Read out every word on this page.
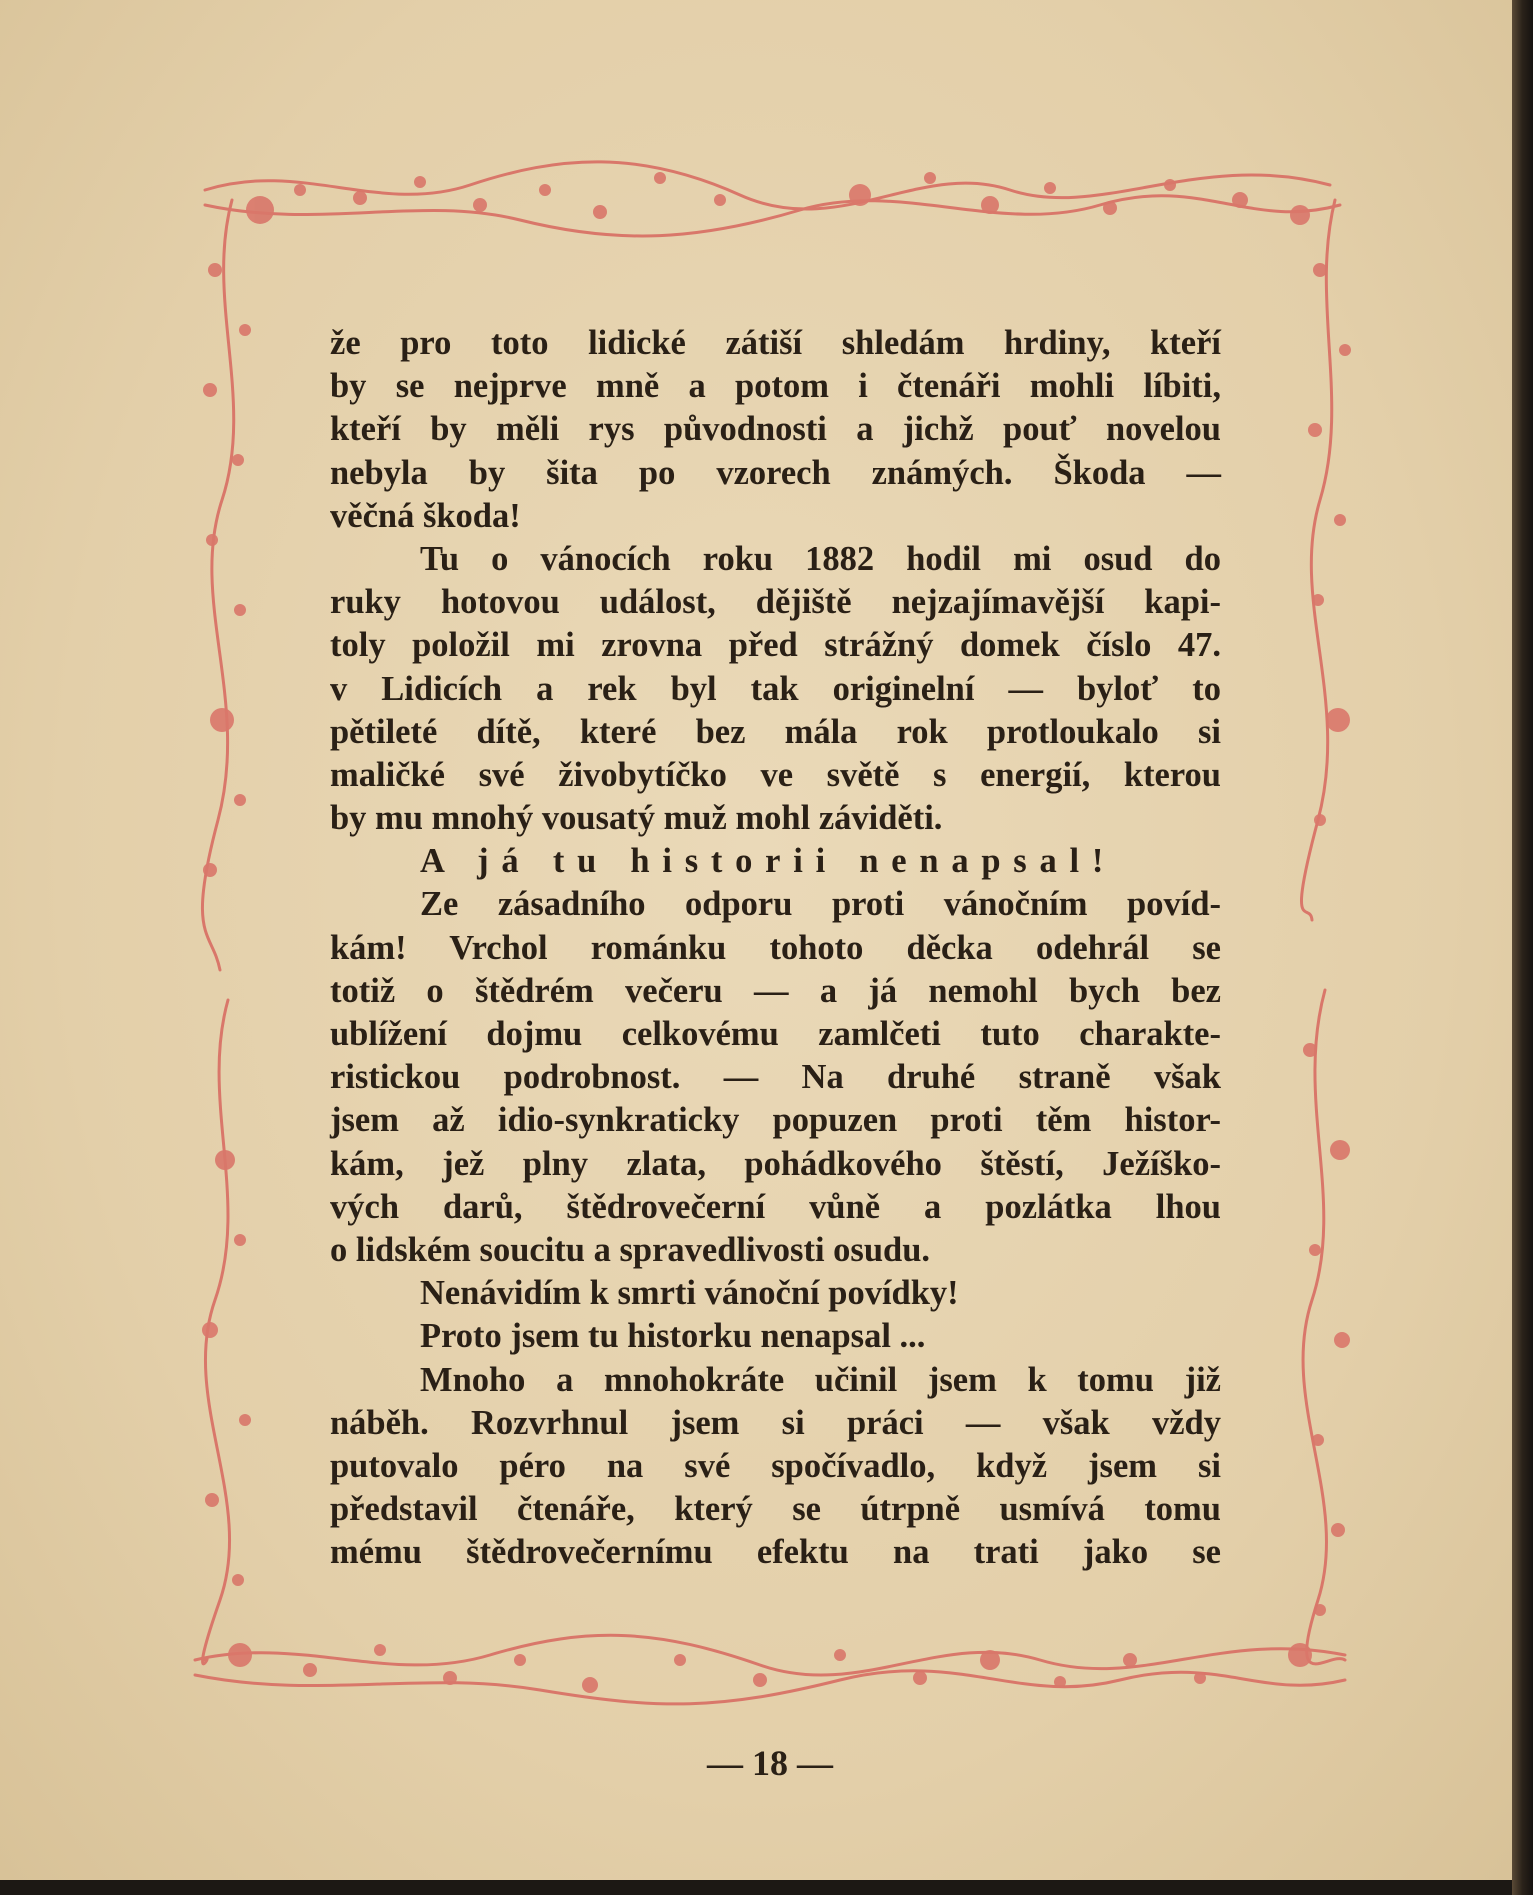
že pro toto lidické zátiší shledám hrdiny, kteří
by se nejprve mně a potom i čtenáři mohli líbiti,
kteří by měli rys původnosti a jichž pouť novelou
nebyla by šita po vzorech známých. Škoda —
věčná škoda!
Tu o vánocích roku 1882 hodil mi osud do
ruky hotovou událost, dějiště nejzajímavější kapi-
toly položil mi zrovna před strážný domek číslo 47.
v Lidicích a rek byl tak originelní — byloť to
pětileté dítě, které bez mála rok protloukalo si
maličké své živobytíčko ve světě s energií, kterou
by mu mnohý vousatý muž mohl záviděti.
A já tu historii nenapsal!
Ze zásadního odporu proti vánočním povíd-
kám! Vrchol románku tohoto děcka odehrál se
totiž o štědrém večeru — a já nemohl bych bez
ublížení dojmu celkovému zamlčeti tuto charakte-
ristickou podrobnost. — Na druhé straně však
jsem až idio-synkraticky popuzen proti těm histor-
kám, jež plny zlata, pohádkového štěstí, Ježíško-
vých darů, štědrovečerní vůně a pozlátka lhou
o lidském soucitu a spravedlivosti osudu.
Nenávidím k smrti vánoční povídky!
Proto jsem tu historku nenapsal ...
Mnoho a mnohokráte učinil jsem k tomu již
náběh. Rozvrhnul jsem si práci — však vždy
putovalo péro na své spočívadlo, když jsem si
představil čtenáře, který se útrpně usmívá tomu
mému štědrovečernímu efektu na trati jako se
— 18 —
